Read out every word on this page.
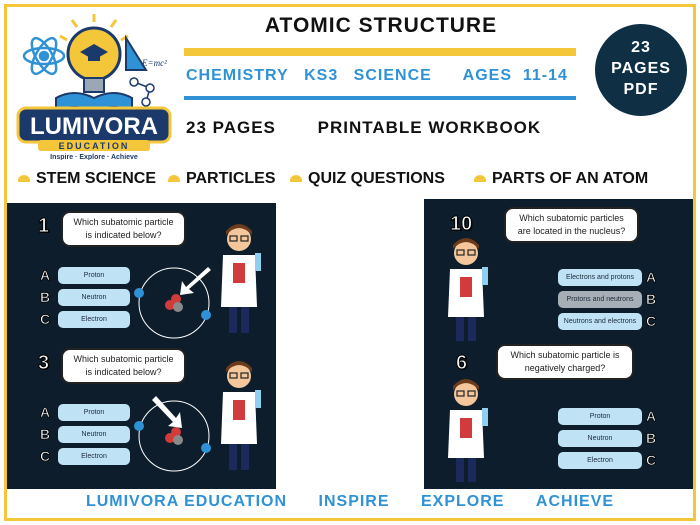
E=mc²
LUMIVORA
EDUCATION
Inspire · Explore · Achieve
ATOMIC STRUCTURE
CHEMISTRY KS3 SCIENCE AGES  11-14
23 PAGES PRINTABLE WORKBOOK
23
PAGES
PDF
STEM SCIENCE	PARTICLES	QUIZ QUESTIONS	PARTS OF AN ATOM
1	Which subatomic particle is indicated below?
A	Proton
B	Neutron
C	Electron
3	Which subatomic particle is indicated below?
A	Proton
B	Neutron
C	Electron
10	Which subatomic particles are located in the nucleus?
Electrons and protons A
Protons and neutrons B
Neutrons and electrons C
6	Which subatomic particle is negatively charged?
Proton	A
Neutron	B
Electron	C
LUMIVORA EDUCATION INSPIRE EXPLORE ACHIEVE
